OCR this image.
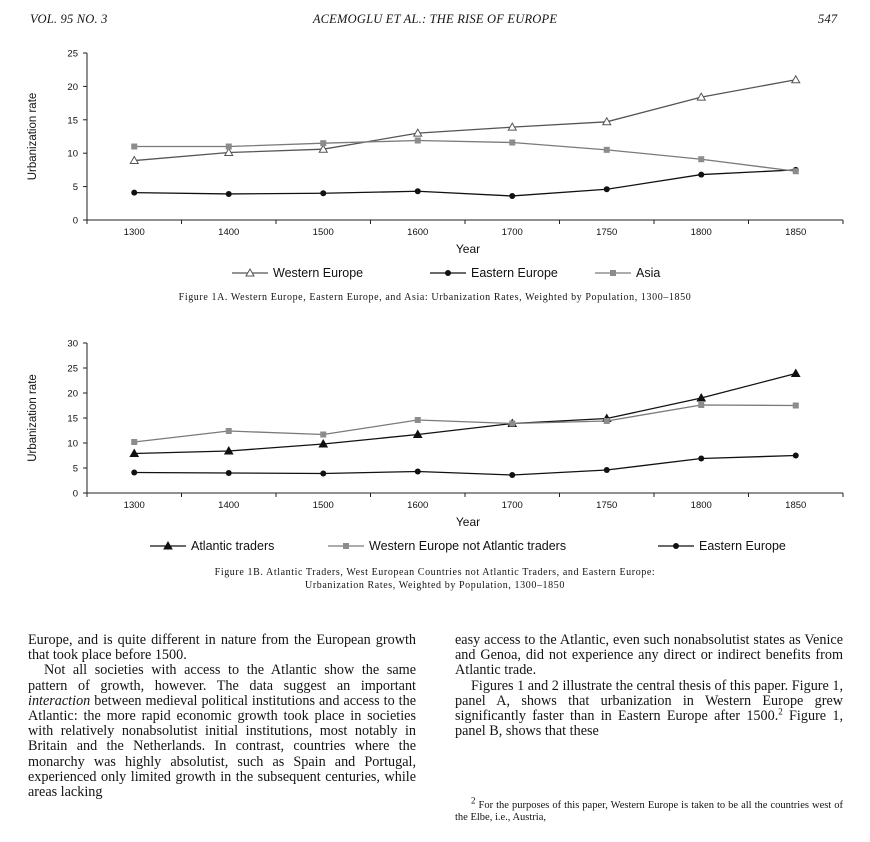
VOL. 95 NO. 3	ACEMOGLU ET AL.: THE RISE OF EUROPE	547
0
5
10
15
20
25
1300	1400	1500	1600	1700	1750	1800	1850
Year
Urbanization rate
Western Europe	Eastern Europe	Asia
Figure 1A. Western Europe, Eastern Europe, and Asia: Urbanization Rates, Weighted by Population, 1300–1850
0
5
10
15
20
25
30
1300	1400	1500	1600	1700	1750	1800	1850
Year
Urbanization rate
Atlantic traders	Western Europe not Atlantic traders	Eastern Europe
Figure 1B. Atlantic Traders, West European Countries not Atlantic Traders, and Eastern Europe:
Urbanization Rates, Weighted by Population, 1300–1850

Europe, and is quite different in nature from the European growth that took place before 1500.

Not all societies with access to the Atlantic show the same pattern of growth, however. The data suggest an important interaction between medieval political institutions and access to the Atlantic: the more rapid economic growth took place in societies with relatively nonabsolutist initial institutions, most notably in Britain and the Netherlands. In contrast, countries where the monarchy was highly absolutist, such as Spain and Portugal, experienced only limited growth in the subsequent centuries, while areas lacking

easy access to the Atlantic, even such nonabsolutist states as Venice and Genoa, did not experience any direct or indirect benefits from Atlantic trade.

Figures 1 and 2 illustrate the central thesis of this paper. Figure 1, panel A, shows that urbanization in Western Europe grew significantly faster than in Eastern Europe after 1500.$^2$ Figure 1, panel B, shows that these

$^2$ For the purposes of this paper, Western Europe is taken to be all the countries west of the Elbe, i.e., Austria,
